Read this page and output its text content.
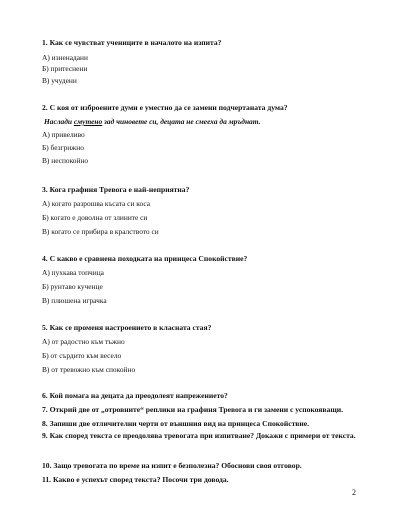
1. Как се чувстват учениците в началото на изпита?
А) изненадани
Б) притеснени
В) учудени
2. С коя от изброените думи е уместно да се замени подчертаната дума?
Наслади смутено зад чиновете си, децата не смееха да мръднат.
А) привеливо
Б) безгрижно
В) неспокойно
3. Кога графиня Тревога е най-неприятна?
А) когато разрошва късата си коса
Б) когато е доволна от злините си
В) когато се прибира в кралството си
4. С какво е сравнена походката на принцеса Спокойствие?
А) пухкава топчица
Б) рунтаво кученце
В) плюшена играчка
5. Как се променя настроението в класната стая?
А) от радостно към тъжно
Б) от сърдито към весело
В) от тревожно към спокойно
6. Кой помага на децата да преодолеят напрежението?
7. Открий две от „отровните“ реплики на графиня Тревога и ги замени с успокояващи.
8. Запиши две отличителни черти от външния вид на принцеса Спокойствие.
9. Как според текста се преодолява тревогата при изпитване? Докажи с примери от текста.
10. Защо тревогата по време на изпит е безполезна? Обоснови своя отговор.
11. Какво е успехът според текста? Посочи три довода.
2
